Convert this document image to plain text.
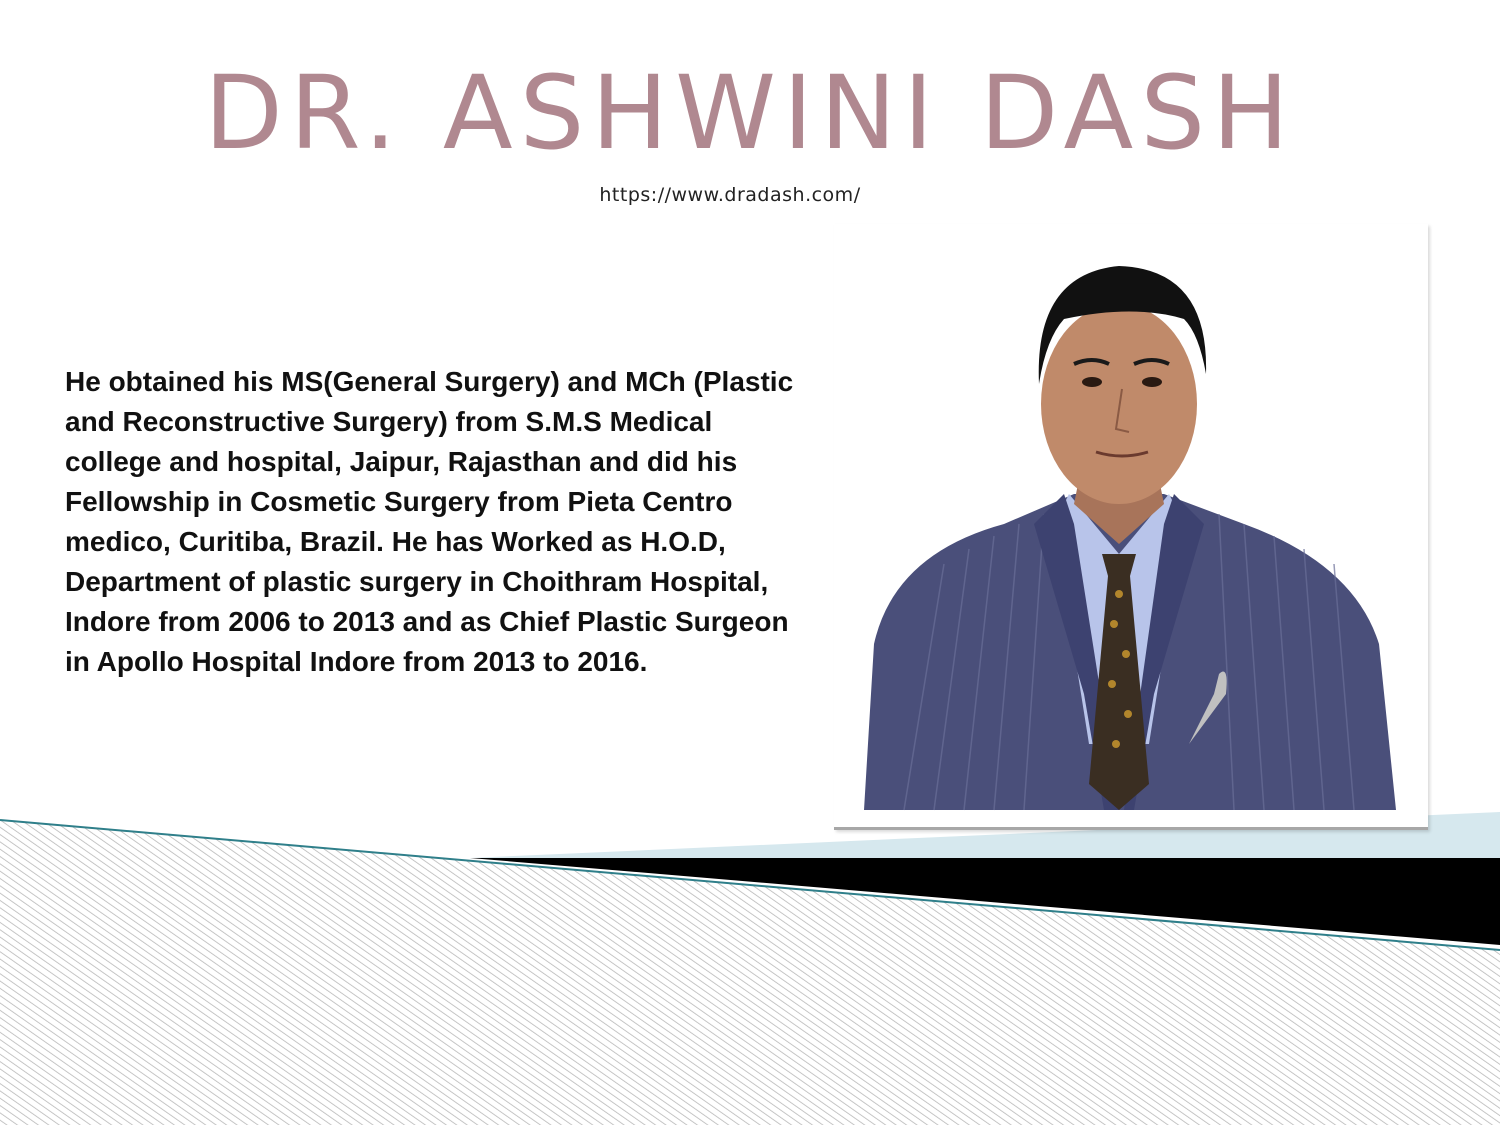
DR. ASHWINI DASH
https://www.dradash.com/
He obtained his MS(General Surgery) and MCh (Plastic and Reconstructive Surgery) from S.M.S Medical college and hospital, Jaipur, Rajasthan and did his Fellowship in Cosmetic Surgery from Pieta Centro medico, Curitiba, Brazil. He has Worked as H.O.D, Department of plastic surgery in Choithram Hospital, Indore from 2006 to 2013 and as Chief Plastic Surgeon in Apollo Hospital Indore from 2013 to 2016.
